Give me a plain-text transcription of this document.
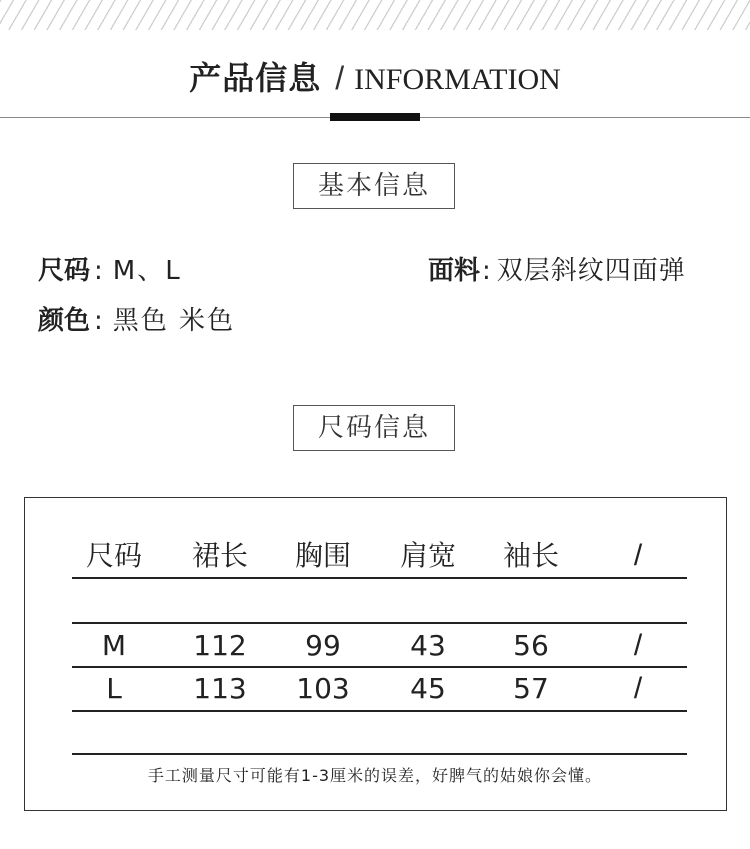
产品信息 / INFORMATION
基本信息
尺码 : M、L
颜色 : 黑色 米色
面料: 双层斜纹四面弹
尺码信息
尺码	裙长	胸围	肩宽	袖长	/
M	112	99	43	56	/
L	113	103	45	57	/
手工测量尺寸可能有1-3厘米的误差，好脾气的姑娘你会懂。
